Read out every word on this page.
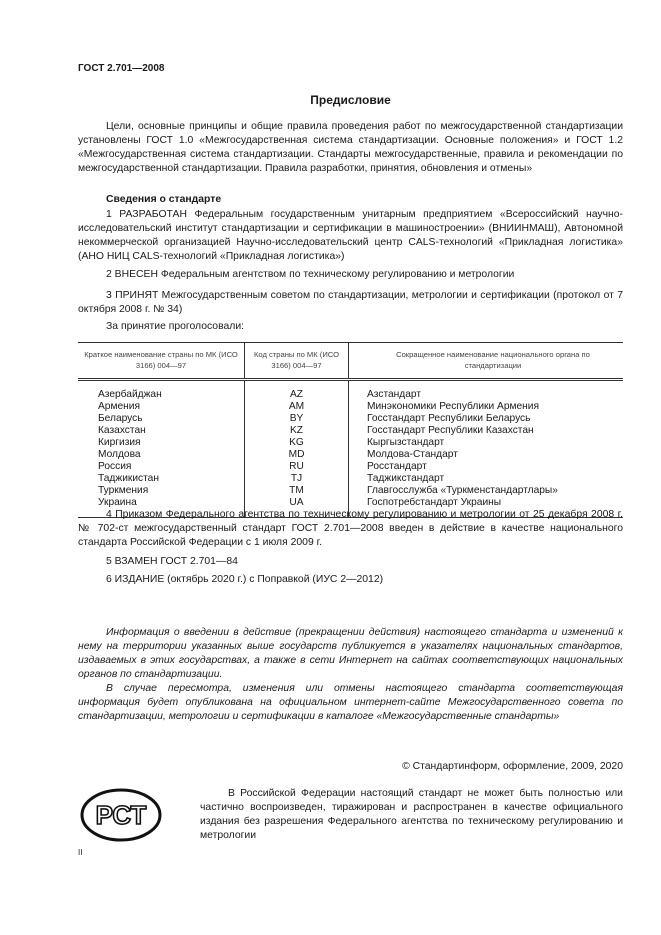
ГОСТ 2.701—2008
Предисловие
Цели, основные принципы и общие правила проведения работ по межгосударственной стандартизации установлены ГОСТ 1.0 «Межгосударственная система стандартизации. Основные положения» и ГОСТ 1.2 «Межгосударственная система стандартизации. Стандарты межгосударственные, правила и рекомендации по межгосударственной стандартизации. Правила разработки, принятия, обновления и отмены»
Сведения о стандарте
1 РАЗРАБОТАН Федеральным государственным унитарным предприятием «Всероссийский научно-исследовательский институт стандартизации и сертификации в машиностроении» (ВНИИНМАШ), Автономной некоммерческой организацией Научно-исследовательский центр CALS-технологий «Прикладная логистика» (АНО НИЦ CALS-технологий «Прикладная логистика»)
2 ВНЕСЕН Федеральным агентством по техническому регулированию и метрологии
3 ПРИНЯТ Межгосударственным советом по стандартизации, метрологии и сертификации (протокол от 7 октября 2008 г. № 34)
За принятие проголосовали:
Краткое наименование страны по МК (ИСО 3166) 004—97	Код страны по МК (ИСО 3166) 004—97	Сокращенное наименование национального органа по стандартизации
Азербайджан	AZ	Азстандарт
Армения	AM	Минэкономики Республики Армения
Беларусь	BY	Госстандарт Республики Беларусь
Казахстан	KZ	Госстандарт Республики Казахстан
Киргизия	KG	Кыргызстандарт
Молдова	MD	Молдова-Стандарт
Россия	RU	Росстандарт
Таджикистан	TJ	Таджикстандарт
Туркмения	TM	Главгосслужба «Туркменстандартлары»
Украина	UA	Госпотребстандарт Украины
4 Приказом Федерального агентства по техническому регулированию и метрологии от 25 декабря 2008 г. № 702-ст межгосударственный стандарт ГОСТ 2.701—2008 введен в действие в качестве национального стандарта Российской Федерации с 1 июля 2009 г.
5 ВЗАМЕН ГОСТ 2.701—84
6 ИЗДАНИЕ (октябрь 2020 г.) с Поправкой (ИУС 2—2012)
Информация о введении в действие (прекращении действия) настоящего стандарта и изменений к нему на территории указанных выше государств публикуется в указателях национальных стандартов, издаваемых в этих государствах, а также в сети Интернет на сайтах соответствующих национальных органов по стандартизации.
В случае пересмотра, изменения или отмены настоящего стандарта соответствующая информация будет опубликована на официальном интернет-сайте Межгосударственного совета по стандартизации, метрологии и сертификации в каталоге «Межгосударственные стандарты»
© Стандартинформ, оформление, 2009, 2020
РСТ
В Российской Федерации настоящий стандарт не может быть полностью или частично воспроизведен, тиражирован и распространен в качестве официального издания без разрешения Федерального агентства по техническому регулированию и метрологии
II
